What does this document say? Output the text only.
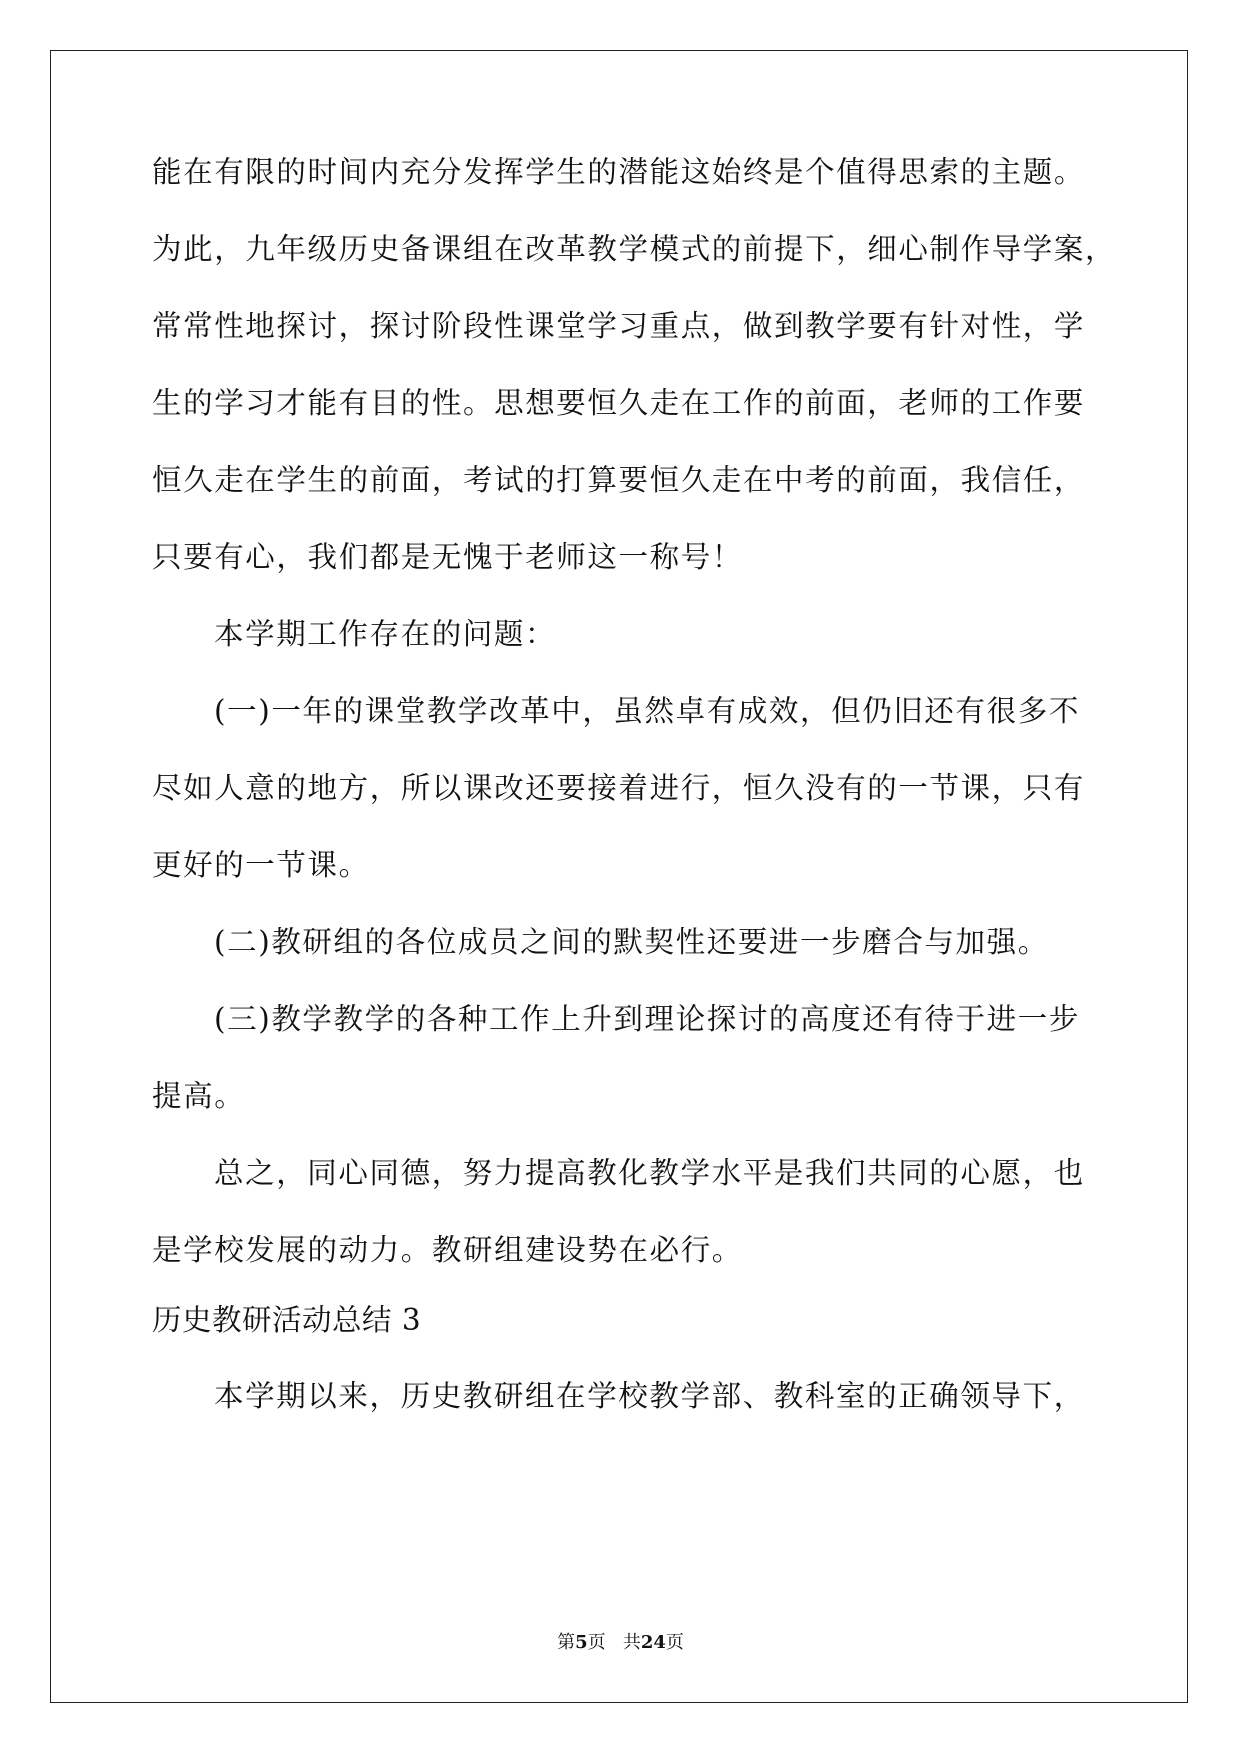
能在有限的时间内充分发挥学生的潜能这始终是个值得思索的主题。
为此，九年级历史备课组在改革教学模式的前提下，细心制作导学案，
常常性地探讨，探讨阶段性课堂学习重点，做到教学要有针对性，学
生的学习才能有目的性。思想要恒久走在工作的前面，老师的工作要
恒久走在学生的前面，考试的打算要恒久走在中考的前面，我信任，
只要有心，我们都是无愧于老师这一称号！
本学期工作存在的问题：
(一)一年的课堂教学改革中，虽然卓有成效，但仍旧还有很多不
尽如人意的地方，所以课改还要接着进行，恒久没有的一节课，只有
更好的一节课。
(二)教研组的各位成员之间的默契性还要进一步磨合与加强。
(三)教学教学的各种工作上升到理论探讨的高度还有待于进一步
提高。
总之，同心同德，努力提高教化教学水平是我们共同的心愿，也
是学校发展的动力。教研组建设势在必行。
历史教研活动总结 3
本学期以来，历史教研组在学校教学部、教科室的正确领导下，
第5页 共24页
